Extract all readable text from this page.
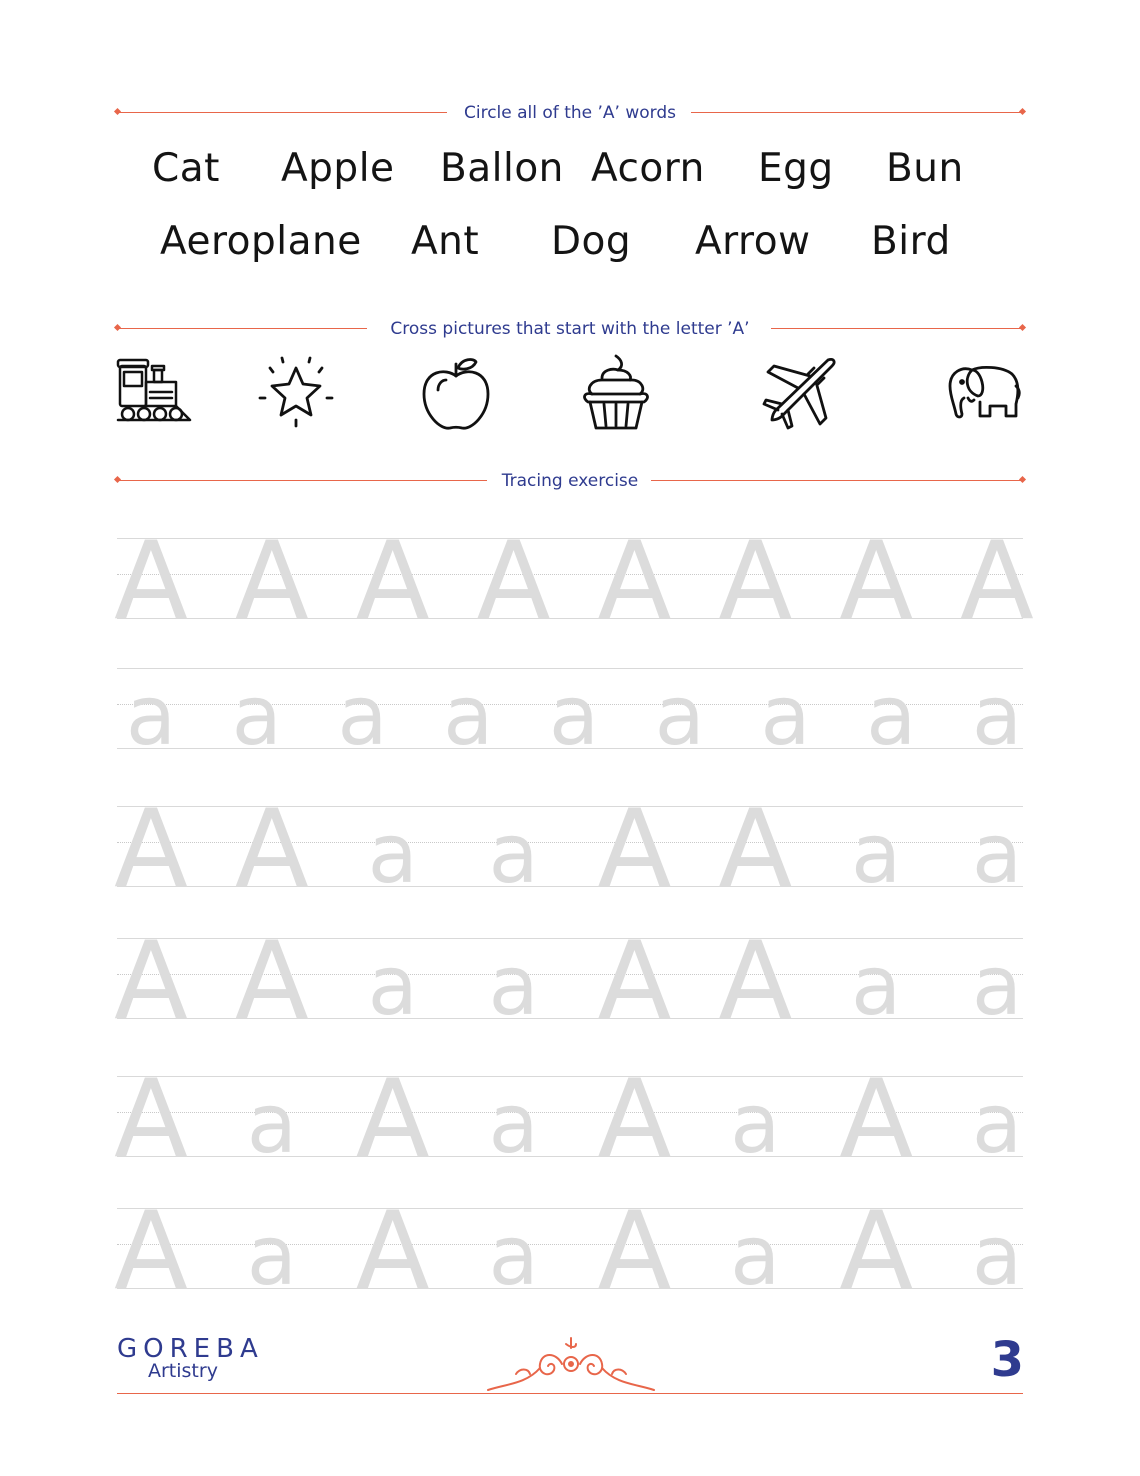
Circle all of the ’A’ words
Cat Apple Ballon Acorn Egg Bun
Aeroplane Ant Dog Arrow Bird
Cross pictures that start with the letter ’A’
Tracing exercise
A A A A A A A A
a a a a a a a a a
A A a a A A a a
A A a a A A a a
A a A a A a A a
A a A a A a A a
GOREBA
Artistry	3
